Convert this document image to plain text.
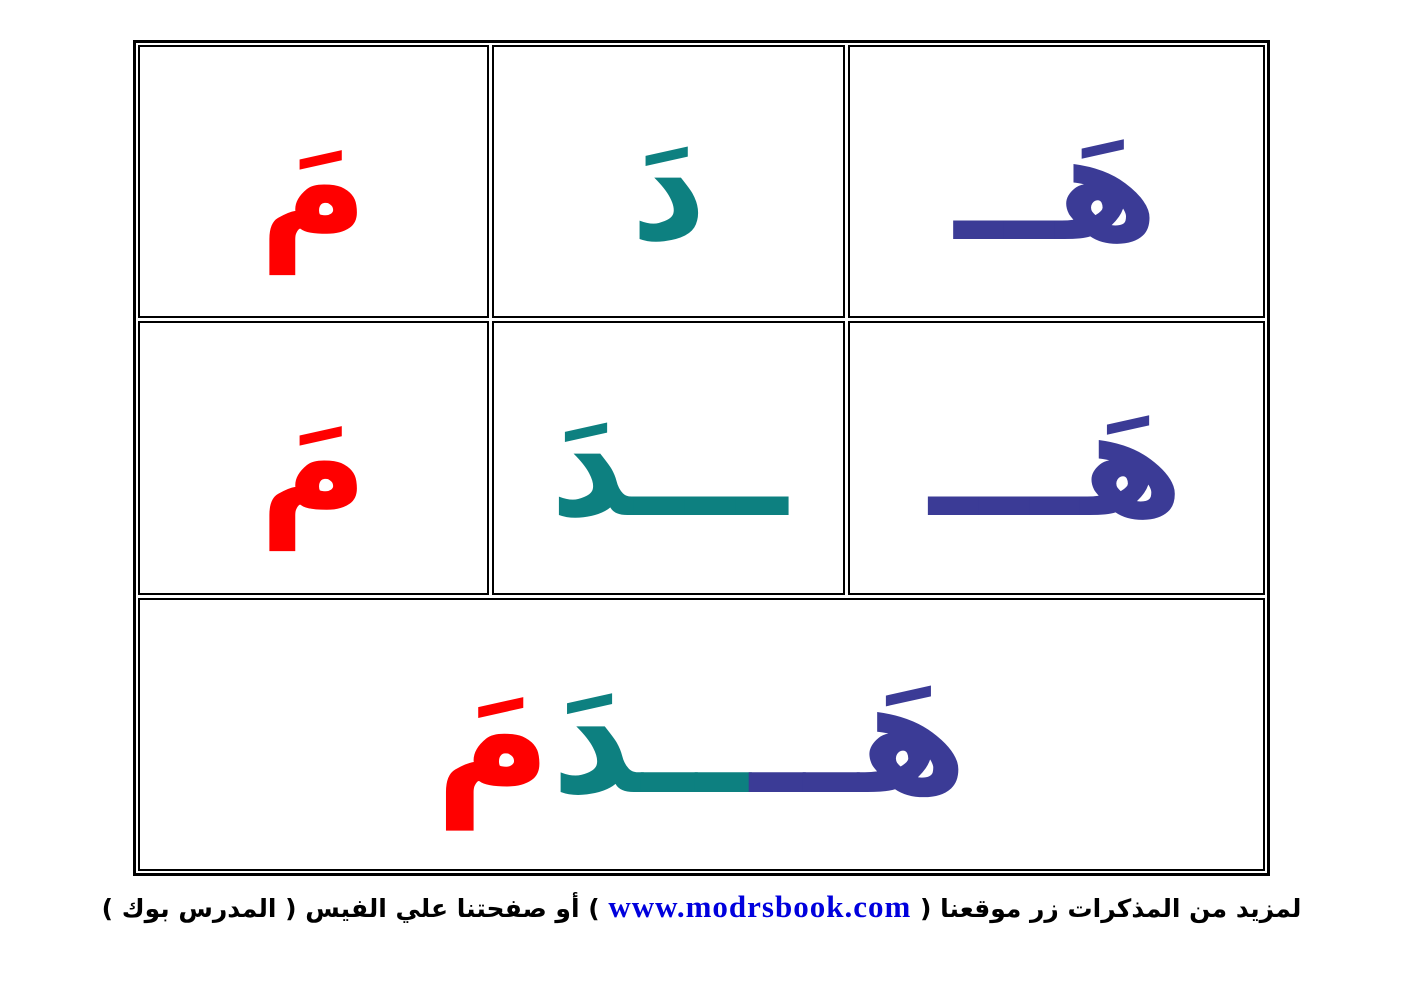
هَــ
دَ
مَ
هَـــ
ـــدَ
مَ
هَــــدَمَ
لمزيد من المذكرات زر موقعنا ( www.modrsbook.com ) أو صفحتنا علي الفيس ( المدرس بوك )
